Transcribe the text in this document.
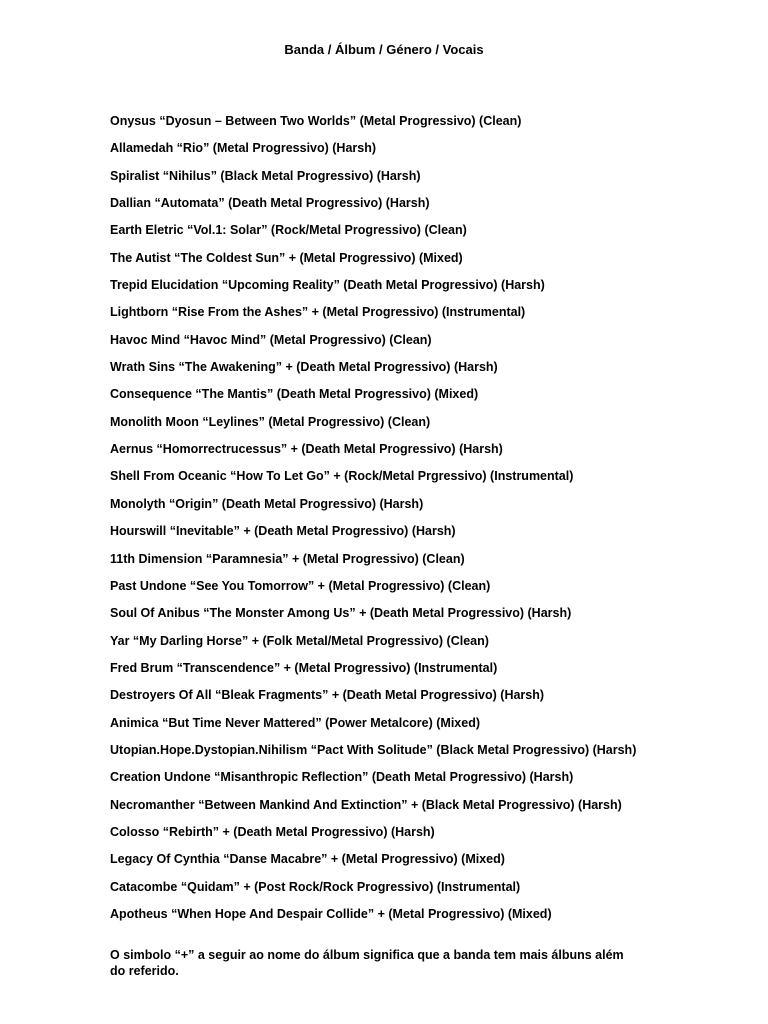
Banda / Álbum / Género / Vocais
Onysus “Dyosun – Between Two Worlds” (Metal Progressivo) (Clean)
Allamedah “Rio” (Metal Progressivo) (Harsh)
Spiralist “Nihilus” (Black Metal Progressivo) (Harsh)
Dallian “Automata” (Death Metal Progressivo) (Harsh)
Earth Eletric “Vol.1: Solar” (Rock/Metal Progressivo) (Clean)
The Autist “The Coldest Sun” + (Metal Progressivo) (Mixed)
Trepid Elucidation “Upcoming Reality” (Death Metal Progressivo) (Harsh)
Lightborn “Rise From the Ashes” + (Metal Progressivo) (Instrumental)
Havoc Mind “Havoc Mind” (Metal Progressivo) (Clean)
Wrath Sins “The Awakening” + (Death Metal Progressivo) (Harsh)
Consequence “The Mantis” (Death Metal Progressivo) (Mixed)
Monolith Moon “Leylines” (Metal Progressivo) (Clean)
Aernus “Homorrectrucessus” + (Death Metal Progressivo) (Harsh)
Shell From Oceanic “How To Let Go” + (Rock/Metal Prgressivo) (Instrumental)
Monolyth “Origin” (Death Metal Progressivo) (Harsh)
Hourswill “Inevitable” + (Death Metal Progressivo) (Harsh)
11th Dimension “Paramnesia” + (Metal Progressivo) (Clean)
Past Undone “See You Tomorrow” + (Metal Progressivo) (Clean)
Soul Of Anibus “The Monster Among Us” + (Death Metal Progressivo) (Harsh)
Yar “My Darling Horse” + (Folk Metal/Metal Progressivo) (Clean)
Fred Brum “Transcendence” + (Metal Progressivo) (Instrumental)
Destroyers Of All “Bleak Fragments” + (Death Metal Progressivo) (Harsh)
Animica “But Time Never Mattered” (Power Metalcore) (Mixed)
Utopian.Hope.Dystopian.Nihilism “Pact With Solitude” (Black Metal Progressivo) (Harsh)
Creation Undone “Misanthropic Reflection” (Death Metal Progressivo) (Harsh)
Necromanther “Between Mankind And Extinction” + (Black Metal Progressivo) (Harsh)
Colosso “Rebirth” + (Death Metal Progressivo) (Harsh)
Legacy Of Cynthia “Danse Macabre” + (Metal Progressivo) (Mixed)
Catacombe “Quidam” + (Post Rock/Rock Progressivo) (Instrumental)
Apotheus “When Hope And Despair Collide” + (Metal Progressivo) (Mixed)
O simbolo “+” a seguir ao nome do álbum significa que a banda tem mais álbuns além do referido.
